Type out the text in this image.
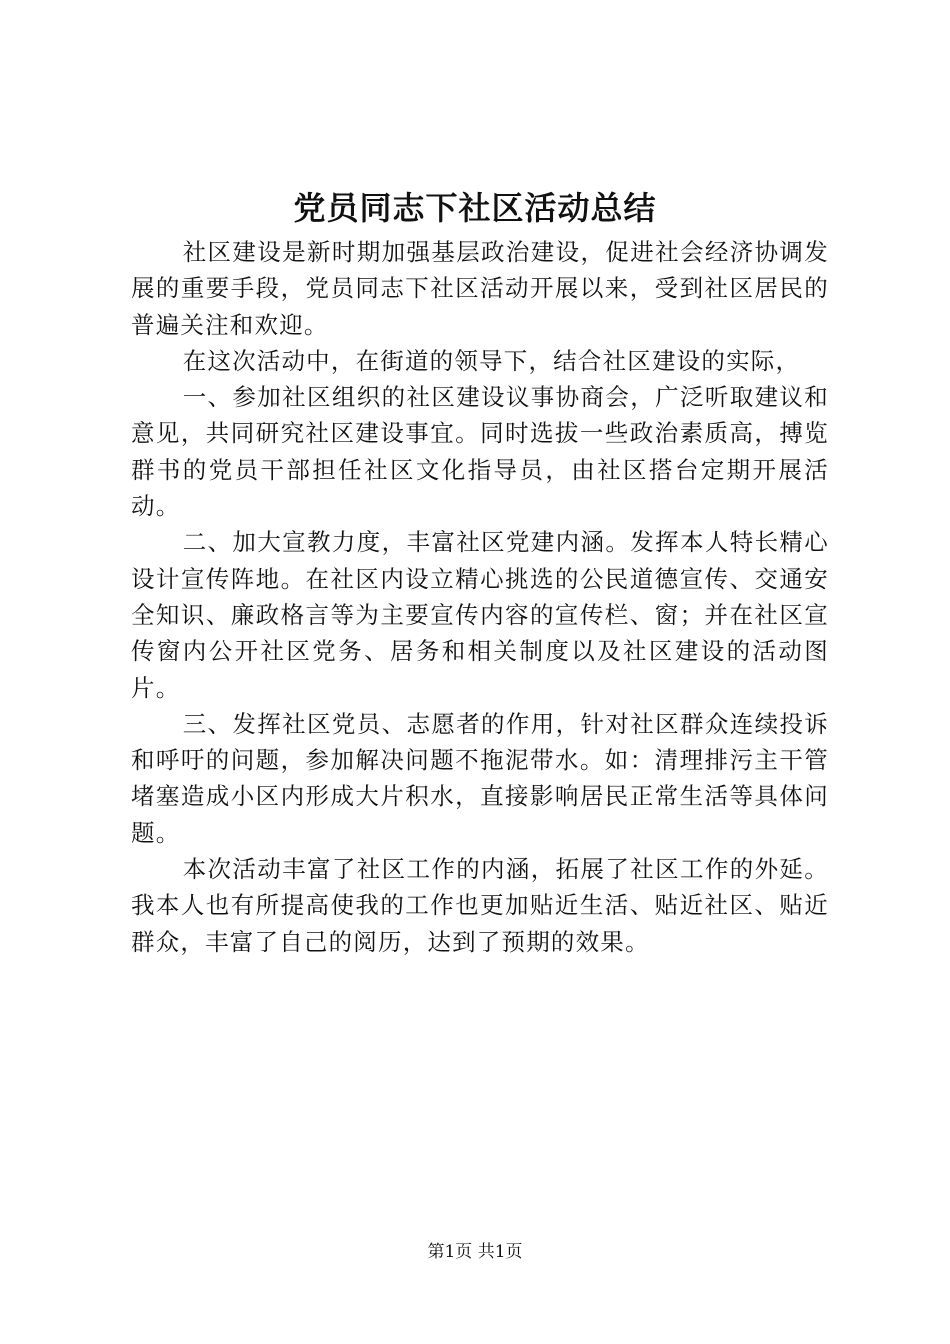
党员同志下社区活动总结

社区建设是新时期加强基层政治建设，促进社会经济协调发展的重要手段，党员同志下社区活动开展以来，受到社区居民的普遍关注和欢迎。

在这次活动中，在街道的领导下，结合社区建设的实际，

一、参加社区组织的社区建设议事协商会，广泛听取建议和意见，共同研究社区建设事宜。同时选拔一些政治素质高，搏览群书的党员干部担任社区文化指导员，由社区搭台定期开展活动。

二、加大宣教力度，丰富社区党建内涵。发挥本人特长精心设计宣传阵地。在社区内设立精心挑选的公民道德宣传、交通安全知识、廉政格言等为主要宣传内容的宣传栏、窗；并在社区宣传窗内公开社区党务、居务和相关制度以及社区建设的活动图片。

三、发挥社区党员、志愿者的作用，针对社区群众连续投诉和呼吁的问题，参加解决问题不拖泥带水。如：清理排污主干管堵塞造成小区内形成大片积水，直接影响居民正常生活等具体问题。

本次活动丰富了社区工作的内涵，拓展了社区工作的外延。我本人也有所提高使我的工作也更加贴近生活、贴近社区、贴近群众，丰富了自己的阅历，达到了预期的效果。

第1页 共1页
